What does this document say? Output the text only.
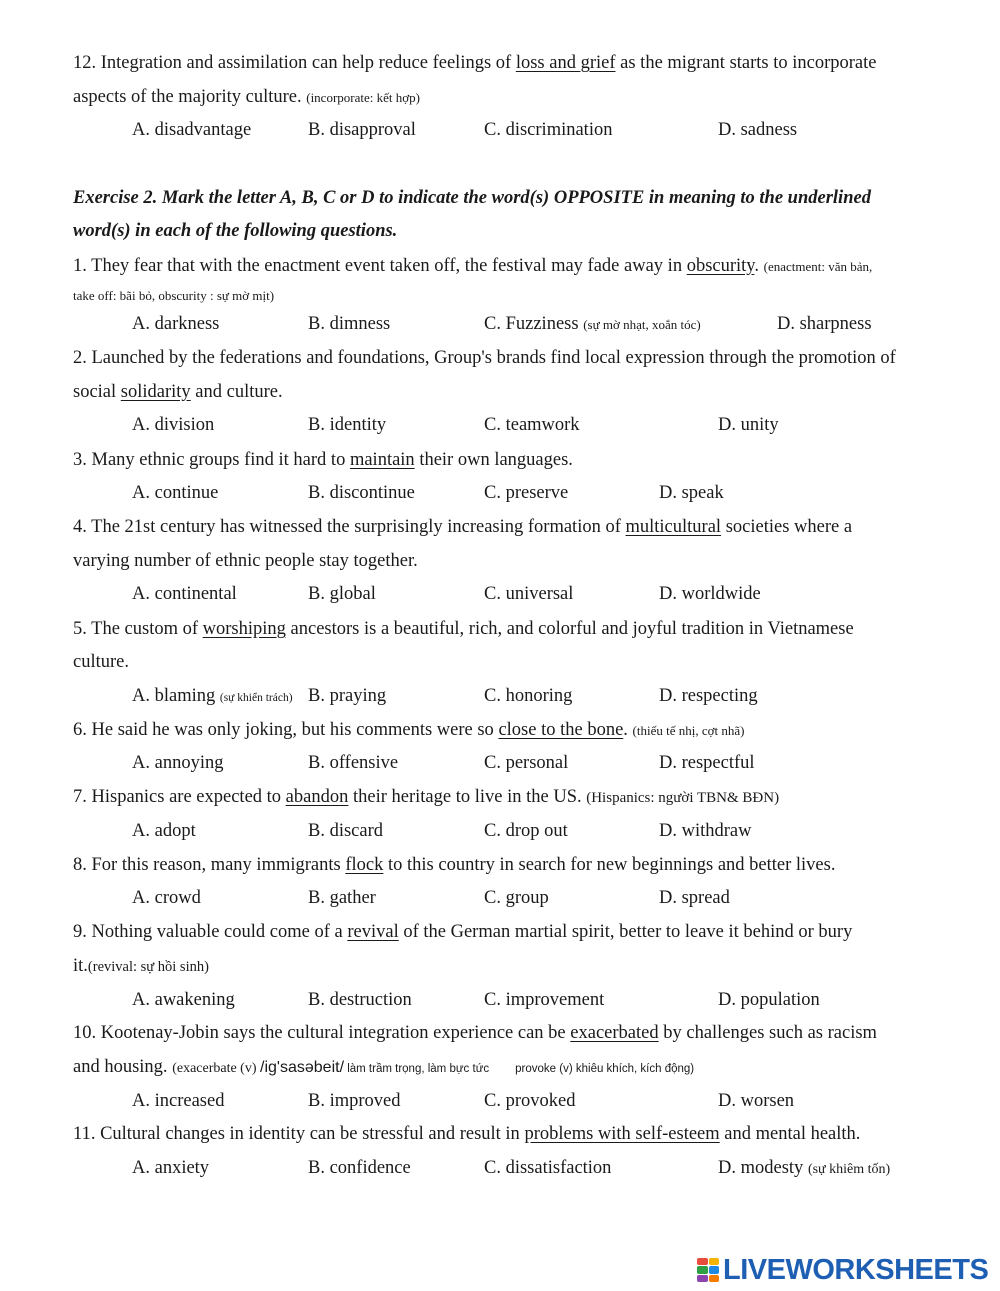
12. Integration and assimilation can help reduce feelings of loss and grief as the migrant starts to incorporate
aspects of the majority culture. (incorporate: kết hợp)
A. disadvantage	B. disapproval	C. discrimination	D. sadness
Exercise 2. Mark the letter A, B, C or D to indicate the word(s) OPPOSITE in meaning to the underlined
word(s) in each of the following questions.
1. They fear that with the enactment event taken off, the festival may fade away in obscurity. (enactment: văn bản,
take off: bãi bỏ, obscurity : sự mờ mịt)
A. darkness	B. dimness	C. Fuzziness (sự mờ nhạt, xoắn tóc)	D. sharpness
2. Launched by the federations and foundations, Group's brands find local expression through the promotion of
social solidarity and culture.
A. division	B. identity	C. teamwork	D. unity
3. Many ethnic groups find it hard to maintain their own languages.
A. continue	B. discontinue	C. preserve	D. speak
4. The 21st century has witnessed the surprisingly increasing formation of multicultural societies where a
varying number of ethnic people stay together.
A. continental	B. global	C. universal	D. worldwide
5. The custom of worshiping ancestors is a beautiful, rich, and colorful and joyful tradition in Vietnamese
culture.
A. blaming (sự khiển trách) B. praying	C. honoring	D. respecting
6. He said he was only joking, but his comments were so close to the bone. (thiếu tế nhị, cợt nhã)
A. annoying	B. offensive	C. personal	D. respectful
7. Hispanics are expected to abandon their heritage to live in the US. (Hispanics: người TBN& BĐN)
A. adopt	B. discard	C. drop out	D. withdraw
8. For this reason, many immigrants flock to this country in search for new beginnings and better lives.
A. crowd	B. gather	C. group	D. spread
9. Nothing valuable could come of a revival of the German martial spirit, better to leave it behind or bury
it.(revival: sự hồi sinh)
A. awakening	B. destruction	C. improvement	D. population
10. Kootenay-Jobin says the cultural integration experience can be exacerbated by challenges such as racism
and housing. (exacerbate (v) /ig'sasəbeit/ làm trầm trọng, làm bực tức provoke (v) khiêu khích, kích động)
A. increased	B. improved	C. provoked	D. worsen
11. Cultural changes in identity can be stressful and result in problems with self-esteem and mental health.
A. anxiety	B. confidence	C. dissatisfaction	D. modesty (sự khiêm tốn)
LIVEWORKSHEETS
